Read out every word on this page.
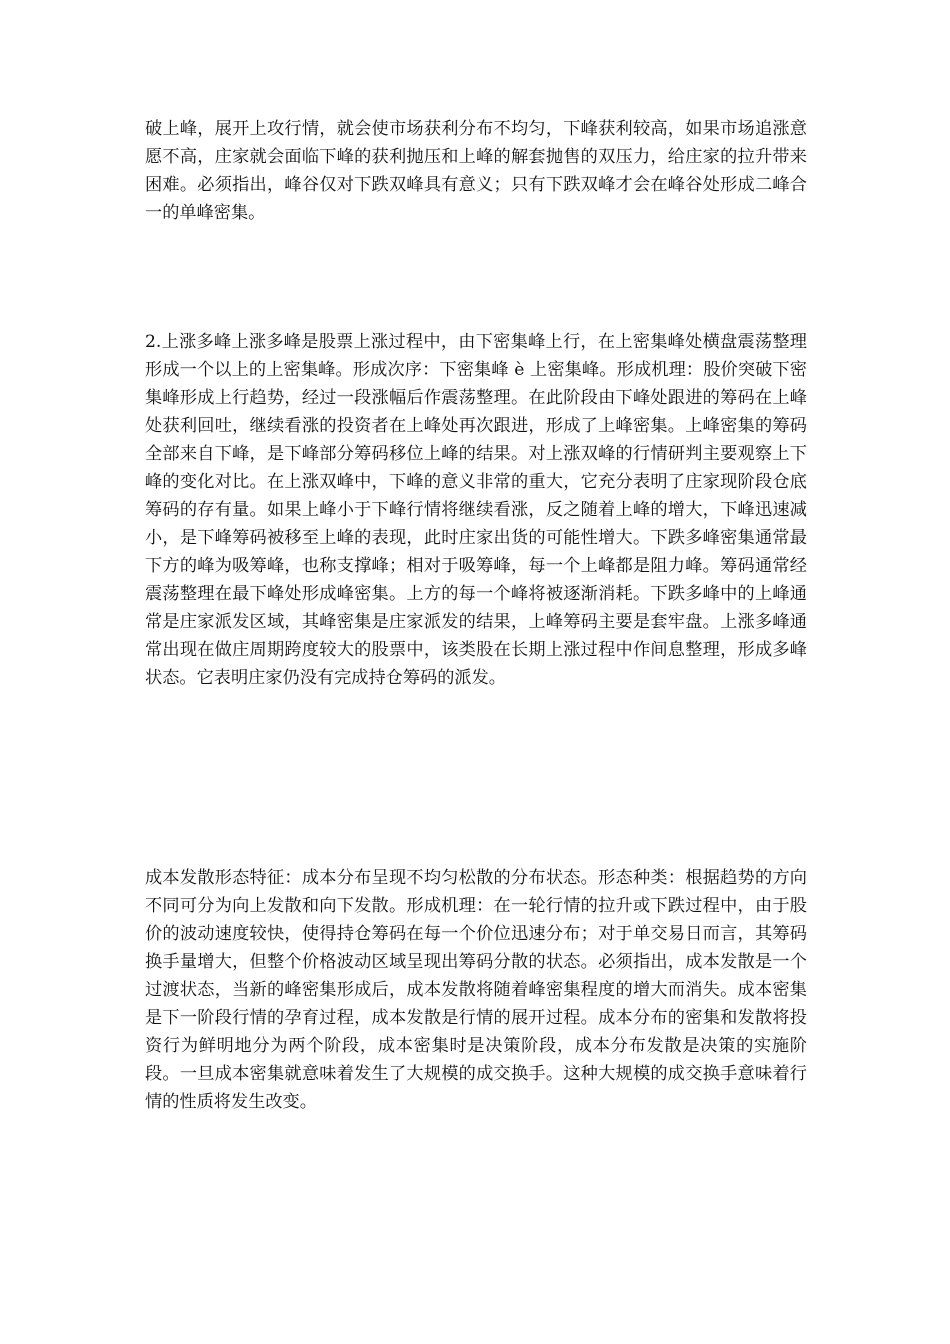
破上峰，展开上攻行情，就会使市场获利分布不均匀，下峰获利较高，如果市场追涨意愿不高，庄家就会面临下峰的获利抛压和上峰的解套抛售的双压力，给庄家的拉升带来困难。必须指出，峰谷仅对下跌双峰具有意义；只有下跌双峰才会在峰谷处形成二峰合一的单峰密集。

2.上涨多峰上涨多峰是股票上涨过程中，由下密集峰上行，在上密集峰处横盘震荡整理形成一个以上的上密集峰。形成次序：下密集峰 è 上密集峰。形成机理：股价突破下密集峰形成上行趋势，经过一段涨幅后作震荡整理。在此阶段由下峰处跟进的筹码在上峰处获利回吐，继续看涨的投资者在上峰处再次跟进，形成了上峰密集。上峰密集的筹码全部来自下峰，是下峰部分筹码移位上峰的结果。对上涨双峰的行情研判主要观察上下峰的变化对比。在上涨双峰中，下峰的意义非常的重大，它充分表明了庄家现阶段仓底筹码的存有量。如果上峰小于下峰行情将继续看涨，反之随着上峰的增大，下峰迅速减小，是下峰筹码被移至上峰的表现，此时庄家出货的可能性增大。下跌多峰密集通常最下方的峰为吸筹峰，也称支撑峰；相对于吸筹峰，每一个上峰都是阻力峰。筹码通常经震荡整理在最下峰处形成峰密集。上方的每一个峰将被逐渐消耗。下跌多峰中的上峰通常是庄家派发区域，其峰密集是庄家派发的结果，上峰筹码主要是套牢盘。上涨多峰通常出现在做庄周期跨度较大的股票中，该类股在长期上涨过程中作间息整理，形成多峰状态。它表明庄家仍没有完成持仓筹码的派发。

成本发散形态特征：成本分布呈现不均匀松散的分布状态。形态种类：根据趋势的方向不同可分为向上发散和向下发散。形成机理：在一轮行情的拉升或下跌过程中，由于股价的波动速度较快，使得持仓筹码在每一个价位迅速分布；对于单交易日而言，其筹码换手量增大，但整个价格波动区域呈现出筹码分散的状态。必须指出，成本发散是一个过渡状态，当新的峰密集形成后，成本发散将随着峰密集程度的增大而消失。成本密集是下一阶段行情的孕育过程，成本发散是行情的展开过程。成本分布的密集和发散将投资行为鲜明地分为两个阶段，成本密集时是决策阶段，成本分布发散是决策的实施阶段。一旦成本密集就意味着发生了大规模的成交换手。这种大规模的成交换手意味着行情的性质将发生改变。
